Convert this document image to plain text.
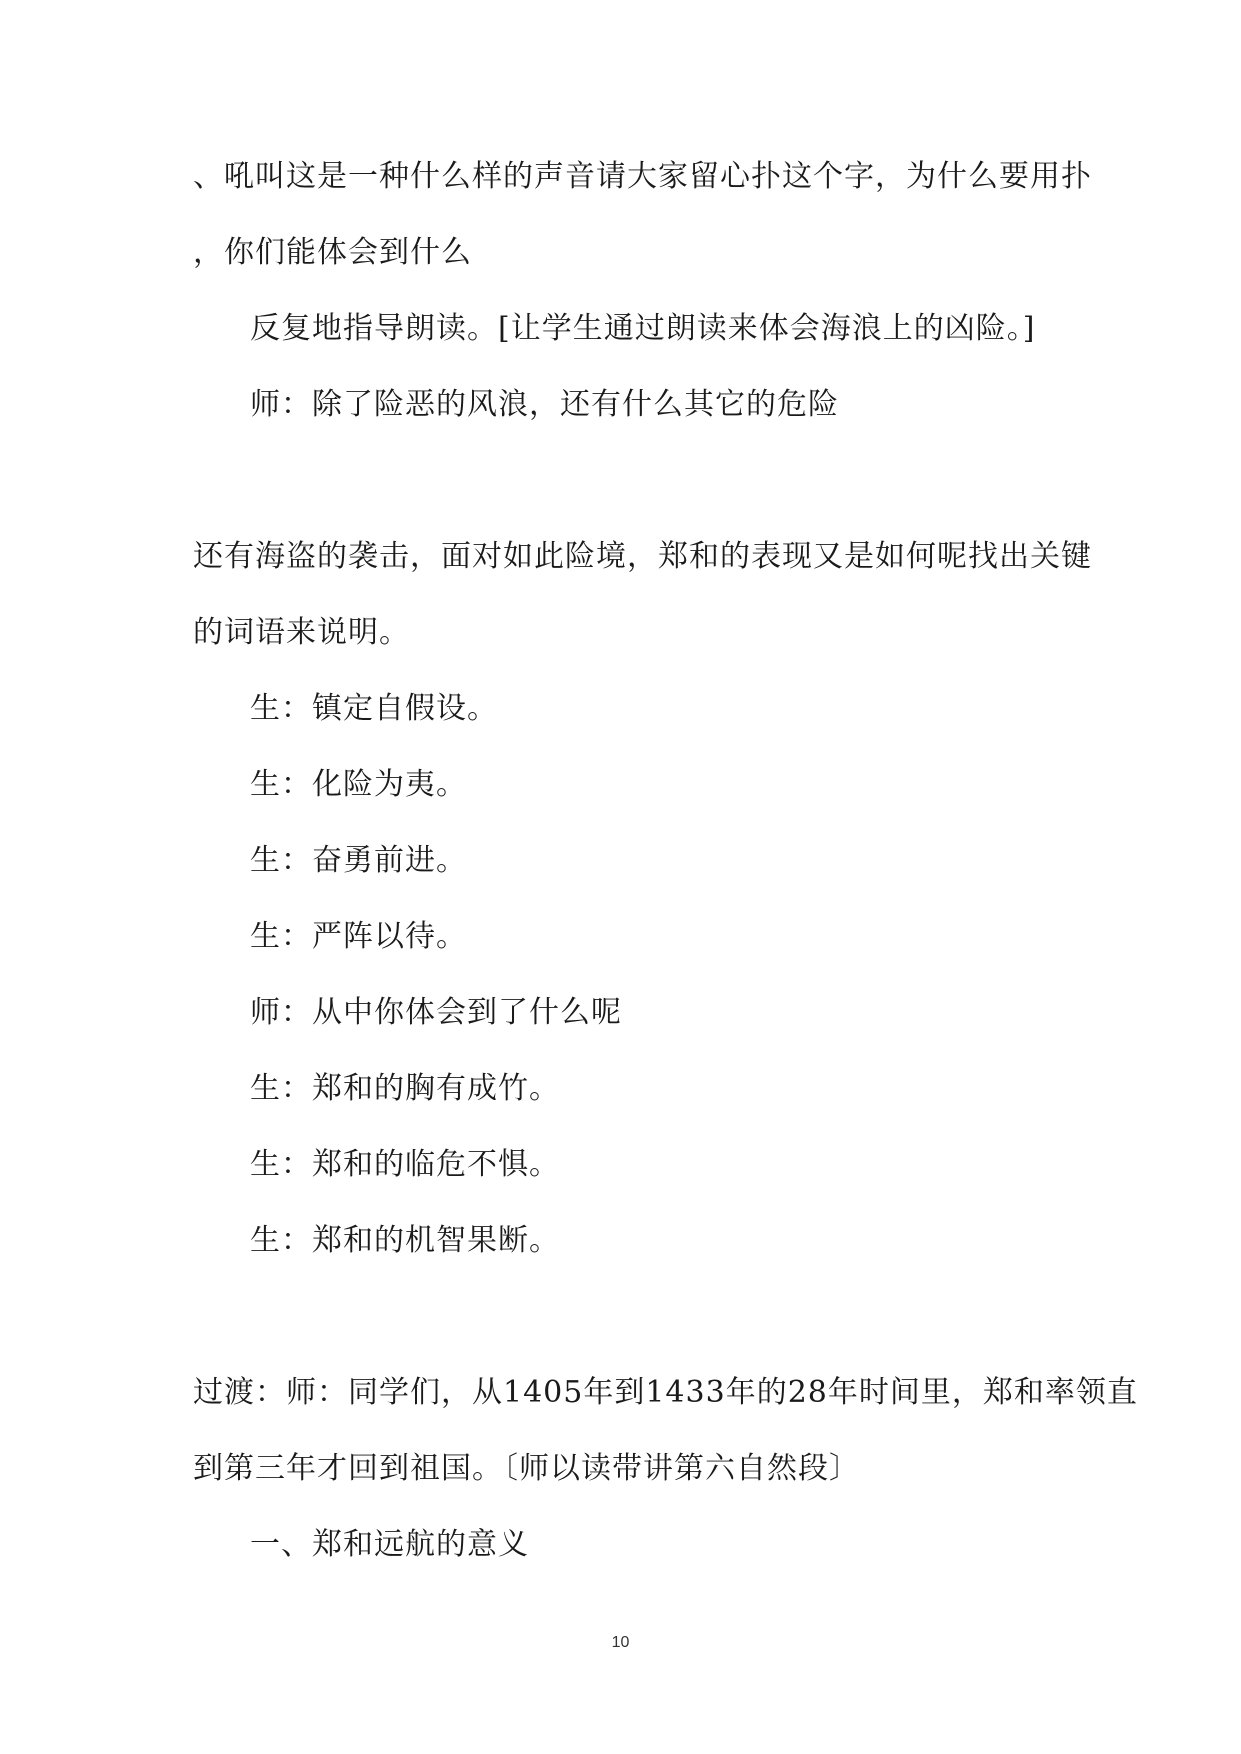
、吼叫这是一种什么样的声音请大家留心扑这个字，为什么要用扑
，你们能体会到什么
反复地指导朗读。[让学生通过朗读来体会海浪上的凶险。]
师：除了险恶的风浪，还有什么其它的危险
还有海盗的袭击，面对如此险境，郑和的表现又是如何呢找出关键
的词语来说明。
生：镇定自假设。
生：化险为夷。
生：奋勇前进。
生：严阵以待。
师：从中你体会到了什么呢
生：郑和的胸有成竹。
生：郑和的临危不惧。
生：郑和的机智果断。
过渡：师：同学们，从1405年到1433年的28年时间里，郑和率领直
到第三年才回到祖国。〔师以读带讲第六自然段〕
一、郑和远航的意义
10
